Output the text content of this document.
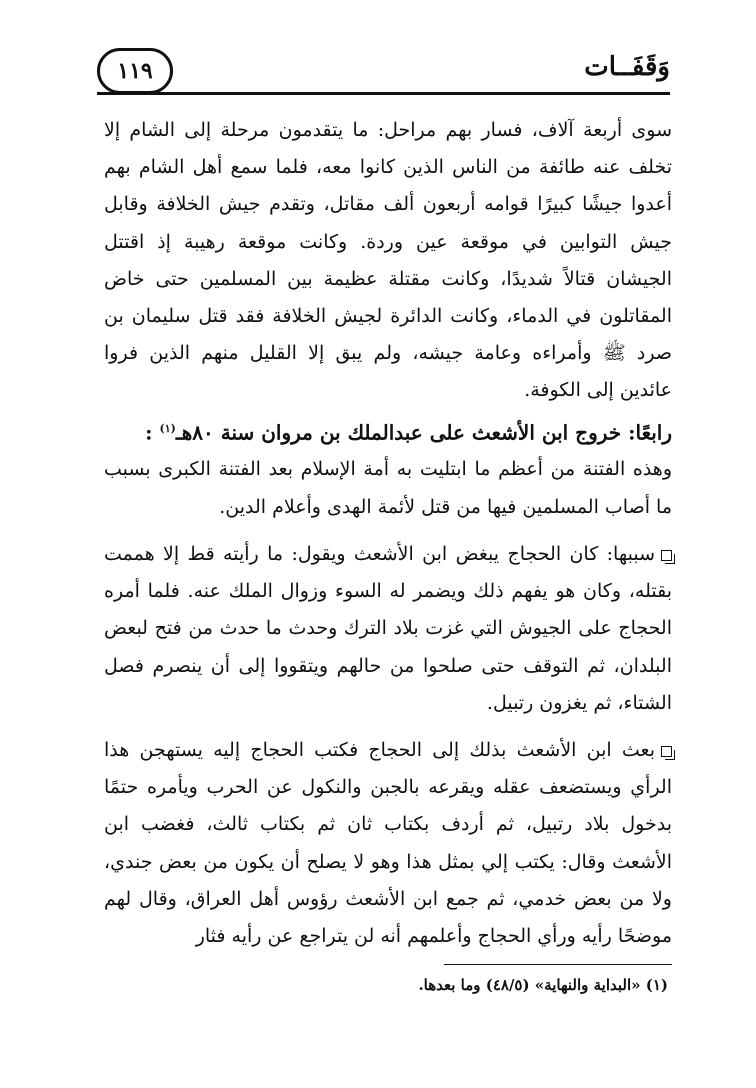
وَقَفَــات
١١٩

سوى أربعة آلاف، فسار بهم مراحل: ما يتقدمون مرحلة إلى الشام إلا تخلف عنه طائفة من الناس الذين كانوا معه، فلما سمع أهل الشام بهم أعدوا جيشًا كبيرًا قوامه أربعون ألف مقاتل، وتقدم جيش الخلافة وقابل جيش التوابين في موقعة عين وردة. وكانت موقعة رهيبة إذ اقتتل الجيشان قتالاً شديدًا، وكانت مقتلة عظيمة بين المسلمين حتى خاض المقاتلون في الدماء، وكانت الدائرة لجيش الخلافة فقد قتل سليمان بن صرد ﷺ وأمراءه وعامة جيشه، ولم يبق إلا القليل منهم الذين فروا عائدين إلى الكوفة.

رابعًا: خروج ابن الأشعث على عبدالملك بن مروان سنة ٨٠هـ$^{(١)}$ :

وهذه الفتنة من أعظم ما ابتليت به أمة الإسلام بعد الفتنة الكبرى بسبب ما أصاب المسلمين فيها من قتل لأئمة الهدى وأعلام الدين.

سببها: كان الحجاج يبغض ابن الأشعث ويقول: ما رأيته قط إلا هممت بقتله، وكان هو يفهم ذلك ويضمر له السوء وزوال الملك عنه. فلما أمره الحجاج على الجيوش التي غزت بلاد الترك وحدث ما حدث من فتح لبعض البلدان، ثم التوقف حتى صلحوا من حالهم ويتقووا إلى أن ينصرم فصل الشتاء، ثم يغزون رتبيل.

بعث ابن الأشعث بذلك إلى الحجاج فكتب الحجاج إليه يستهجن هذا الرأي ويستضعف عقله ويقرعه بالجبن والنكول عن الحرب ويأمره حتمًا بدخول بلاد رتبيل، ثم أردف بكتاب ثان ثم بكتاب ثالث، فغضب ابن الأشعث وقال: يكتب إلي بمثل هذا وهو لا يصلح أن يكون من بعض جندي، ولا من بعض خدمي، ثم جمع ابن الأشعث رؤوس أهل العراق، وقال لهم موضحًا رأيه ورأي الحجاج وأعلمهم أنه لن يتراجع عن رأيه فثار

(١) «البداية والنهاية» (٤٨/٥) وما بعدها.
